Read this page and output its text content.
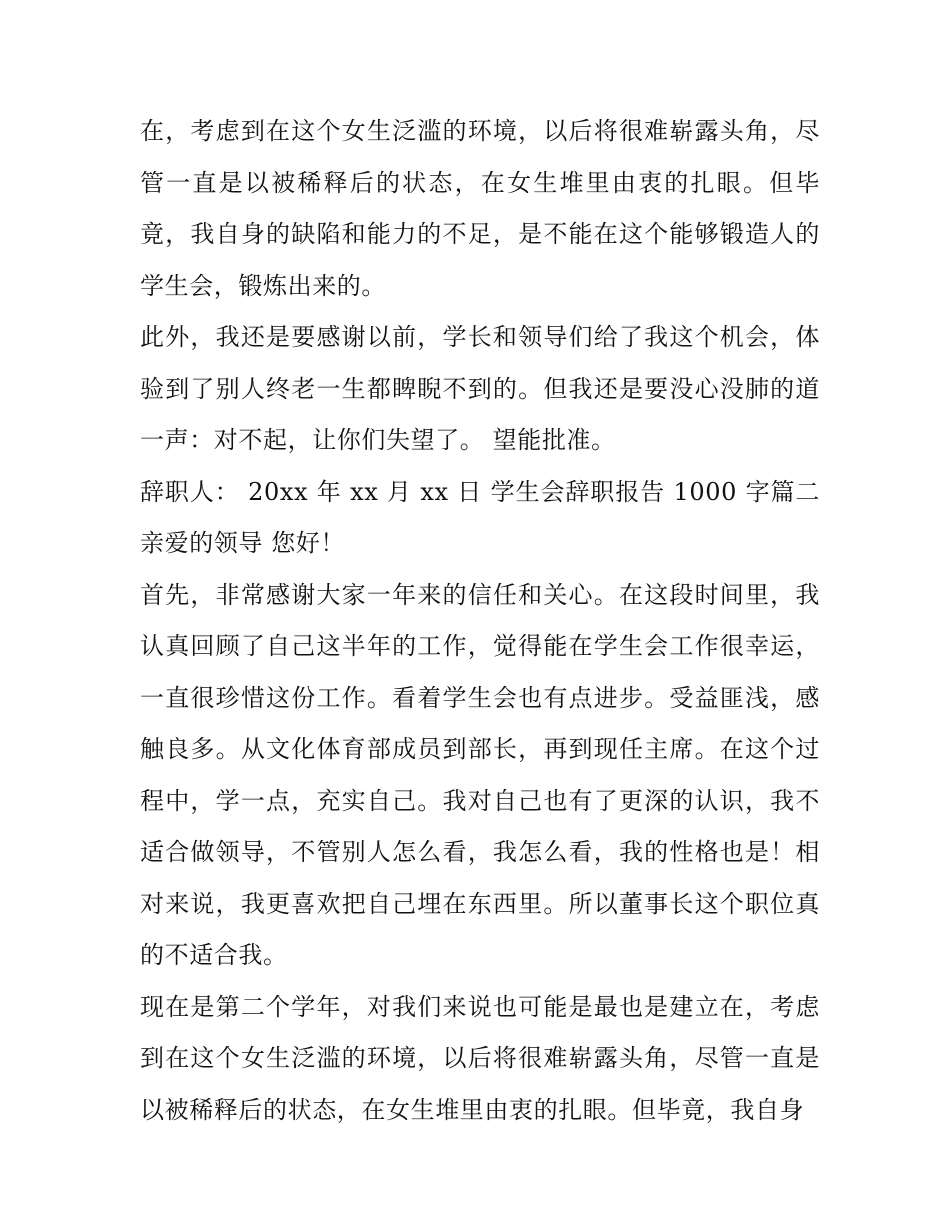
在，考虑到在这个女生泛滥的环境，以后将很难崭露头角，尽管一直是以被稀释后的状态，在女生堆里由衷的扎眼。但毕竟，我自身的缺陷和能力的不足，是不能在这个能够锻造人的学生会，锻炼出来的。

此外，我还是要感谢以前，学长和领导们给了我这个机会，体验到了别人终老一生都睥睨不到的。但我还是要没心没肺的道一声：对不起，让你们失望了。 望能批准。

辞职人： 20xx 年 xx 月 xx 日 学生会辞职报告 1000 字篇二 亲爱的领导 您好！

首先，非常感谢大家一年来的信任和关心。在这段时间里，我认真回顾了自己这半年的工作，觉得能在学生会工作很幸运，一直很珍惜这份工作。看着学生会也有点进步。受益匪浅，感触良多。从文化体育部成员到部长，再到现任主席。在这个过程中，学一点，充实自己。我对自己也有了更深的认识，我不适合做领导，不管别人怎么看，我怎么看，我的性格也是！相对来说，我更喜欢把自己埋在东西里。所以董事长这个职位真的不适合我。

现在是第二个学年，对我们来说也可能是最也是建立在，考虑到在这个女生泛滥的环境，以后将很难崭露头角，尽管一直是以被稀释后的状态，在女生堆里由衷的扎眼。但毕竟，我自身
